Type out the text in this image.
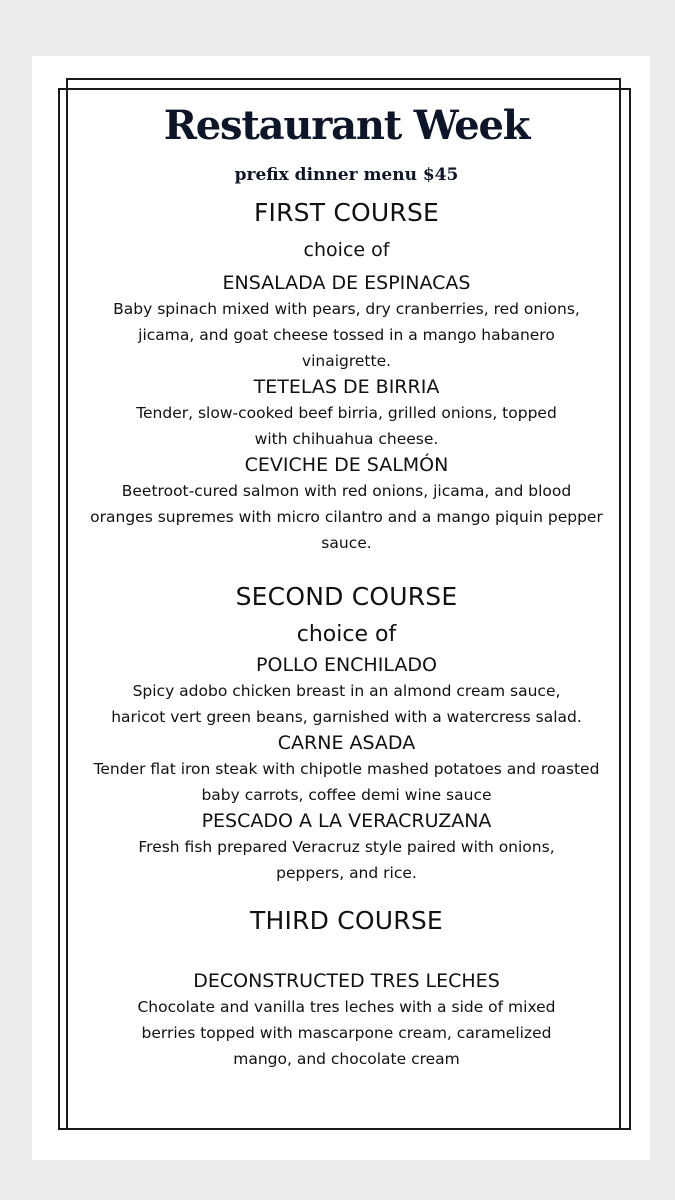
Restaurant Week
prefix dinner menu $45
FIRST COURSE
choice of
ENSALADA DE ESPINACAS
Baby spinach mixed with pears, dry cranberries, red onions, jicama, and goat cheese tossed in a mango habanero vinaigrette.
TETELAS DE BIRRIA
Tender, slow-cooked beef birria, grilled onions, topped with chihuahua cheese.
CEVICHE DE SALMÓN
Beetroot-cured salmon with red onions, jicama, and blood oranges supremes with micro cilantro and a mango piquin pepper sauce.
SECOND COURSE
choice of
POLLO ENCHILADO
Spicy adobo chicken breast in an almond cream sauce, haricot vert green beans, garnished with a watercress salad.
CARNE ASADA
Tender flat iron steak with chipotle mashed potatoes and roasted baby carrots, coffee demi wine sauce
PESCADO A LA VERACRUZANA
Fresh fish prepared Veracruz style paired with onions, peppers, and rice.
THIRD COURSE
DECONSTRUCTED TRES LECHES
Chocolate and vanilla tres leches with a side of mixed berries topped with mascarpone cream, caramelized mango, and chocolate cream
